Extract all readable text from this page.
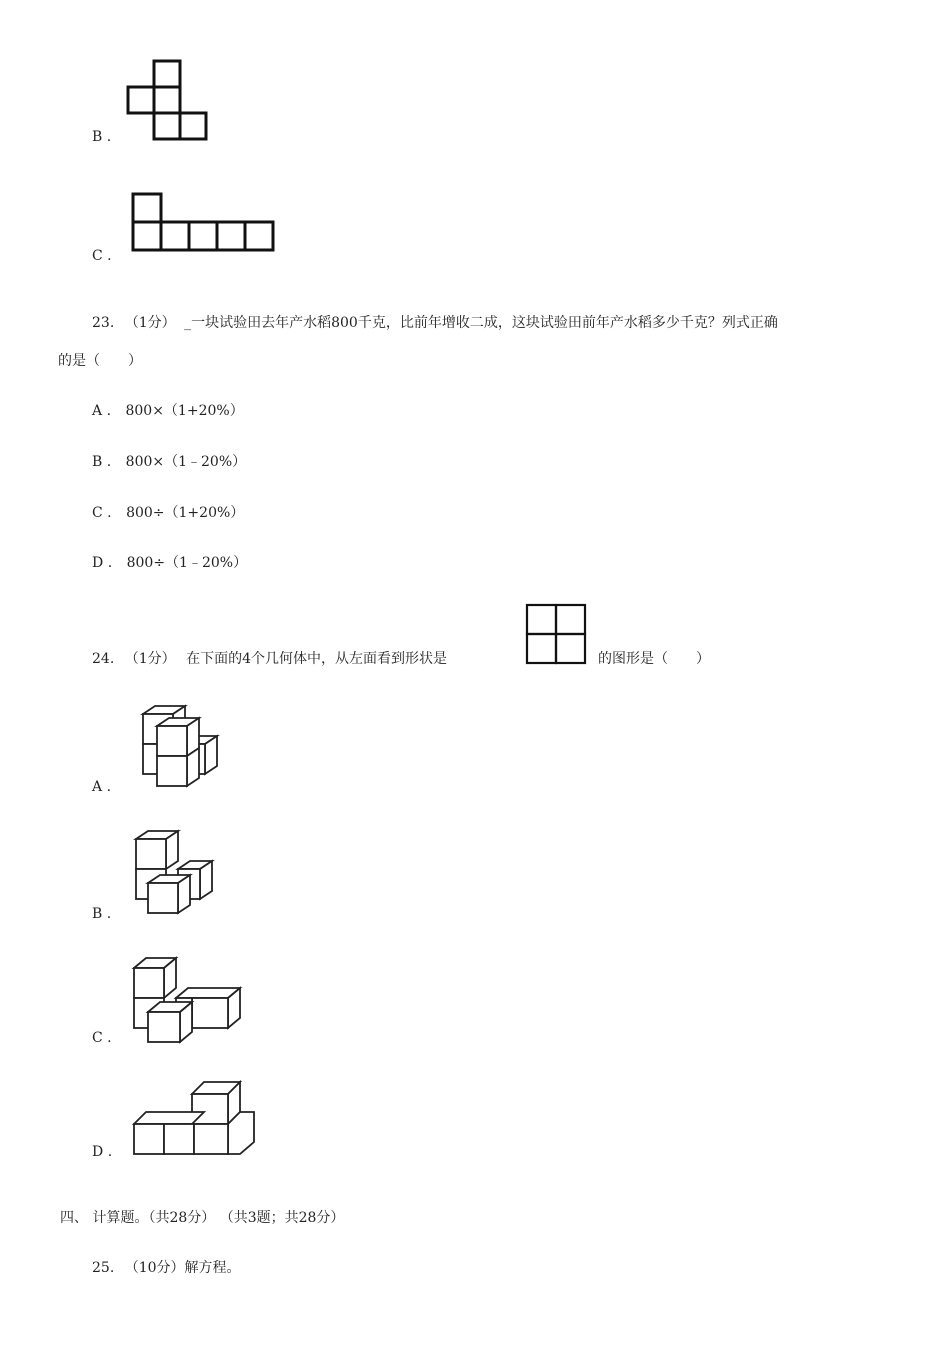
B .
C .
23. （1分） _一块试验田去年产水稻800千克，比前年增收二成，这块试验田前年产水稻多少千克？列式正确
的是（　　）
A . 800×（1+20%）
B . 800×（1﹣20%）
C . 800÷（1+20%）
D . 800÷（1﹣20%）
24. （1分） 在下面的4个几何体中，从左面看到形状是	的图形是（　　）
A .
B .
C .
D .
四、 计算题。（共28分） （共3题；共28分）
25. （10分）解方程。
